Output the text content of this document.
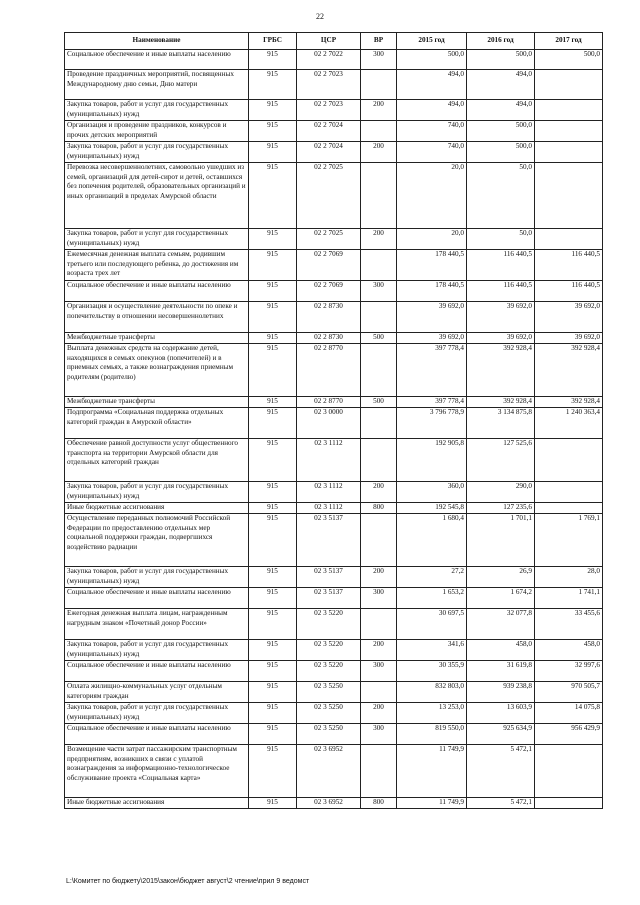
22
Наименование	ГРБС	ЦСР	ВР	2015 год	2016 год	2017 год
Социальное обеспечение и иные выплаты населению	915	02 2 7022	300	500,0	500,0	500,0
Проведение праздничных мероприятий, посвященных Международному дню семьи, Дню матери	915	02 2 7023		494,0	494,0	
Закупка товаров, работ и услуг для государственных (муниципальных) нужд	915	02 2 7023	200	494,0	494,0	
Организация и проведение праздников, конкурсов и прочих детских мероприятий	915	02 2 7024		740,0	500,0	
Закупка товаров, работ и услуг для государственных (муниципальных) нужд	915	02 2 7024	200	740,0	500,0	
Перевозка несовершеннолетних, самовольно ушедших из семей, организаций для детей-сирот и детей, оставшихся без попечения родителей, образовательных организаций и иных организаций в пределах Амурской области	915	02 2 7025		20,0	50,0	
Закупка товаров, работ и услуг для государственных (муниципальных) нужд	915	02 2 7025	200	20,0	50,0	
Ежемесячная денежная выплата семьям, родившим третьего или последующего ребенка, до достижения им возраста трех лет	915	02 2 7069		178 440,5	116 440,5	116 440,5
Социальное обеспечение и иные выплаты населению	915	02 2 7069	300	178 440,5	116 440,5	116 440,5
Организация и осуществление деятельности по опеке и попечительству в отношении несовершеннолетних	915	02 2 8730		39 692,0	39 692,0	39 692,0
Межбюджетные трансферты	915	02 2 8730	500	39 692,0	39 692,0	39 692,0
Выплата денежных средств на содержание детей, находящихся в семьях опекунов (попечителей) и в приемных семьях, а также вознаграждения приемным родителям (родителю)	915	02 2 8770		397 778,4	392 928,4	392 928,4
Межбюджетные трансферты	915	02 2 8770	500	397 778,4	392 928,4	392 928,4
Подпрограмма «Социальная поддержка отдельных категорий граждан в Амурской области»	915	02 3 0000		3 796 778,9	3 134 875,8	1 240 363,4
Обеспечение равной доступности услуг общественного транспорта на территории Амурской области для отдельных категорий граждан	915	02 3 1112		192 905,8	127 525,6	
Закупка товаров, работ и услуг для государственных (муниципальных) нужд	915	02 3 1112	200	360,0	290,0	
Иные бюджетные ассигнования	915	02 3 1112	800	192 545,8	127 235,6	
Осуществление переданных полномочий Российской Федерации по предоставлению отдельных мер социальной поддержки граждан, подвергшихся воздействию радиации	915	02 3 5137		1 680,4	1 701,1	1 769,1
Закупка товаров, работ и услуг для государственных (муниципальных) нужд	915	02 3 5137	200	27,2	26,9	28,0
Социальное обеспечение и иные выплаты населению	915	02 3 5137	300	1 653,2	1 674,2	1 741,1
Ежегодная денежная выплата лицам, награжденным нагрудным знаком «Почетный донор России»	915	02 3 5220		30 697,5	32 077,8	33 455,6
Закупка товаров, работ и услуг для государственных (муниципальных) нужд	915	02 3 5220	200	341,6	458,0	458,0
Социальное обеспечение и иные выплаты населению	915	02 3 5220	300	30 355,9	31 619,8	32 997,6
Оплата жилищно-коммунальных услуг отдельным категориям граждан	915	02 3 5250		832 803,0	939 238,8	970 505,7
Закупка товаров, работ и услуг для государственных (муниципальных) нужд	915	02 3 5250	200	13 253,0	13 603,9	14 075,8
Социальное обеспечение и иные выплаты населению	915	02 3 5250	300	819 550,0	925 634,9	956 429,9
Возмещение части затрат пассажирским транспортным предприятиям, возникших в связи с уплатой вознаграждения за информационно-технологическое обслуживание проекта «Социальная карта»	915	02 3 6952		11 749,9	5 472,1	
Иные бюджетные ассигнования	915	02 3 6952	800	11 749,9	5 472,1	
L:\Комитет по бюджету\2015\закон\бюджет август\2 чтение\прил 9 ведомст
